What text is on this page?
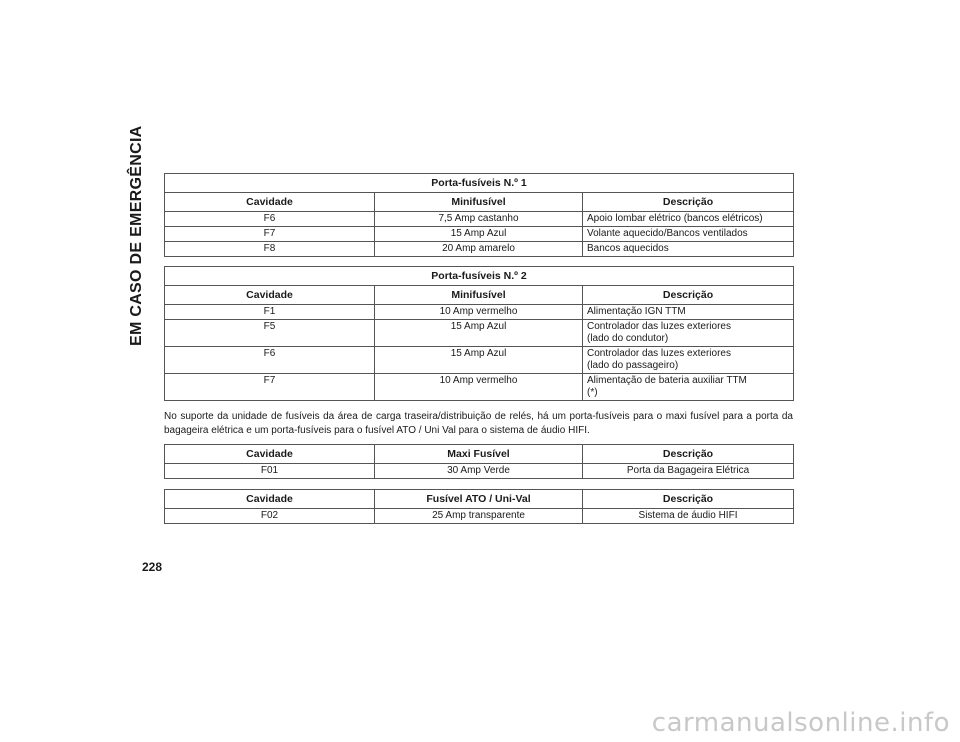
EM CASO DE EMERGÊNCIA	Porta-fusíveis N.º 1		
Cavidade	Minifusível	Descrição
F6	7,5 Amp castanho	Apoio lombar elétrico (bancos elétricos)
F7	15 Amp Azul	Volante aquecido/Bancos ventilados
F8	20 Amp amarelo	Bancos aquecidos
Porta-fusíveis N.º 2		
Cavidade	Minifusível	Descrição
F1	10 Amp vermelho	Alimentação IGN TTM
F5	15 Amp Azul	Controlador das luzes exteriores
(lado do condutor)

F6	15 Amp Azul	Controlador das luzes exteriores
(lado do passageiro)

F7	10 Amp vermelho	Alimentação de bateria auxiliar TTM
(*)

No suporte da unidade de fusíveis da área de carga traseira/distribuição de relés, há um porta-fusíveis para o maxi fusível para a porta da bagageira elétrica e um porta-fusíveis para o fusível ATO / Uni Val para o sistema de áudio HIFI.

Cavidade	Maxi Fusível	Descrição
F01	30 Amp Verde	Porta da Bagageira Elétrica
Cavidade	Fusível ATO / Uni-Val	Descrição
F02	25 Amp transparente	Sistema de áudio HIFI
228
carmanualsonline.info
